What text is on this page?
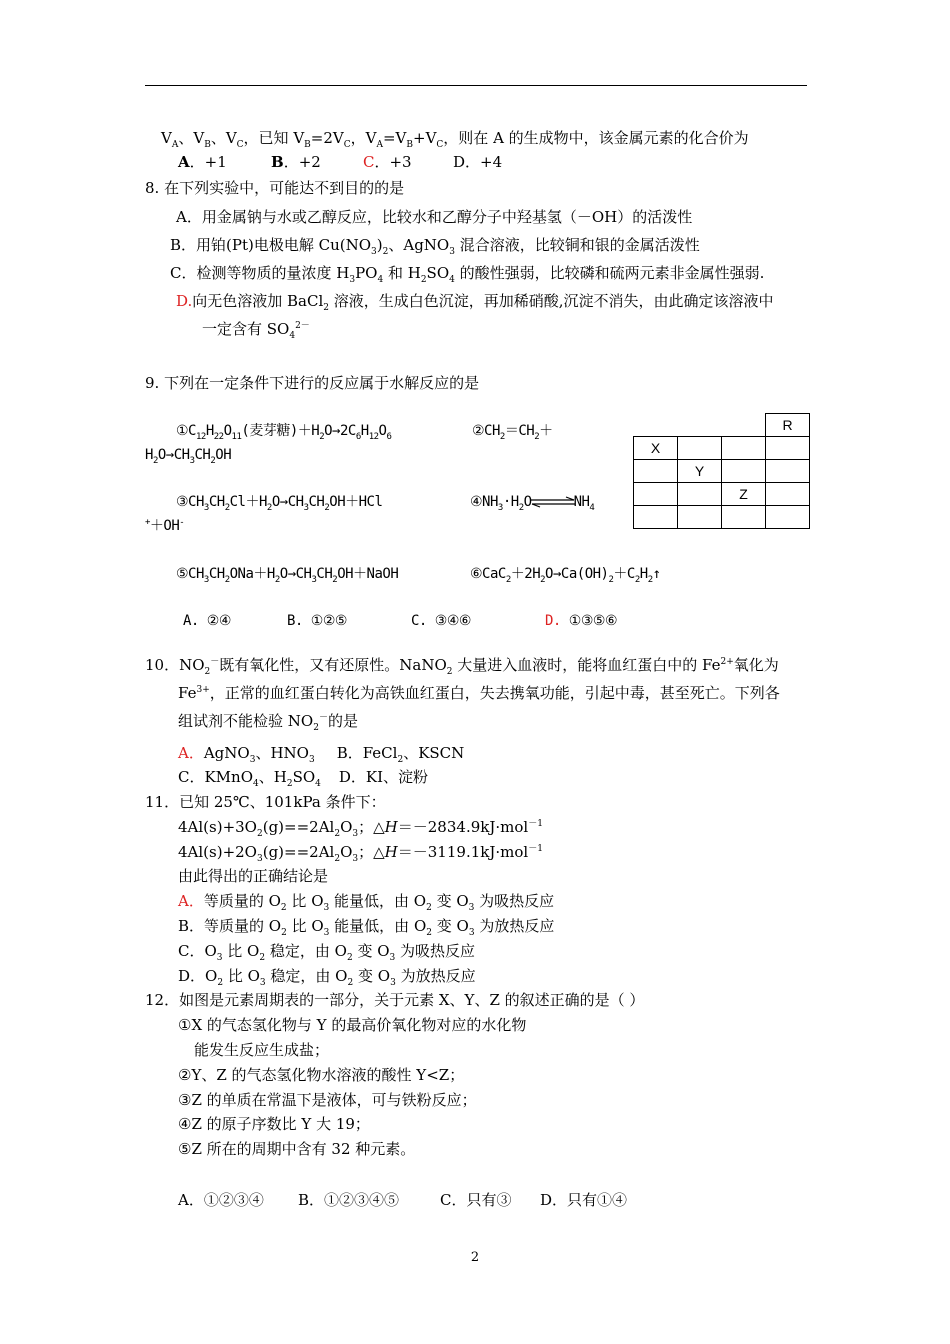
$V_A$、$V_B$、$V_C$，已知 $V_B=2V_C$，$V_A=V_B+V_C$，则在 A 的生成物中，该金属元素的化合价为
A．+1	B．+2	C．+3	D．+4
8. 在下列实验中，可能达不到目的的是
A．用金属钠与水或乙醇反应，比较水和乙醇分子中羟基氢（－OH）的活泼性
B．用铂(Pt)电极电解 $Cu(NO_3)_2$、AgNO$_3$ 混合溶液，比较铜和银的金属活泼性
C．检测等物质的量浓度 $H_3PO_4$ 和 $H_2SO_4$ 的酸性强弱，比较磷和硫两元素非金属性强弱.
D.向无色溶液加 BaCl$_2$ 溶液，生成白色沉淀，再加稀硝酸,沉淀不消失，由此确定该溶液中
一定含有 $SO_4^{2-}$
9. 下列在一定条件下进行的反应属于水解反应的是
$①C_{12}H_{22}O_{11}$(麦芽糖)$+H_2O\to 2C_6H_{12}O_6$	$②CH_2=CH_2+$
$H_2O\to CH_3CH_2OH$
$③CH_3CH_2Cl+H_2O\to CH_3CH_2OH+HCl$	$④NH_3\cdot H_2O$	$NH_4$
+＋OH-
$⑤CH_3CH_2ONa+H_2O\to CH_3CH_2OH+NaOH$	$⑥CaC_2+2H_2O\to Ca(OH)_2+C_2H_2↑$
A. ②④	B. ①②⑤	C. ③④⑥	D. ①③⑤⑥
			R
X			
	Y		
		Z	

10．$NO_2^-$既有氧化性，又有还原性。NaNO$_2$ 大量进入血液时，能将血红蛋白中的 $Fe^{2+}$氧化为
$Fe^{3+}$，正常的血红蛋白转化为高铁血红蛋白，失去携氧功能，引起中毒，甚至死亡。下列各
组试剂不能检验 $NO_2^-$的是
A．AgNO$_3$、$HNO_3$ B．FeCl$_2$、KSCN
C．KMnO$_4$、$H_2SO_4$ D．KI、淀粉
11．已知 25℃、101kPa 条件下：
$4Al(s)+3O_2(g)==2Al_2O_3$；△H＝－2834.9kJ·mol$^{-1}$
$4Al(s)+2O_3(g)==2Al_2O_3$；△H＝－3119.1kJ·mol$^{-1}$
由此得出的正确结论是
A．等质量的 $O_2$ 比 $O_3$ 能量低，由 $O_2$ 变 $O_3$ 为吸热反应
B．等质量的 $O_2$ 比 $O_3$ 能量低，由 $O_2$ 变 $O_3$ 为放热反应
C．$O_3$ 比 $O_2$ 稳定，由 $O_2$ 变 $O_3$ 为吸热反应
D．$O_2$ 比 $O_3$ 稳定，由 $O_2$ 变 $O_3$ 为放热反应
12．如图是元素周期表的一部分，关于元素 X、Y、Z 的叙述正确的是（ ）
①X 的气态氢化物与 Y 的最高价氧化物对应的水化物
能发生反应生成盐；
②Y、Z 的气态氢化物水溶液的酸性 Y<Z；
③Z 的单质在常温下是液体，可与铁粉反应；
④Z 的原子序数比 Y 大 19；
⑤Z 所在的周期中含有 32 种元素。
A．①②③④ B．①②③④⑤	C．只有③ D．只有①④
2
